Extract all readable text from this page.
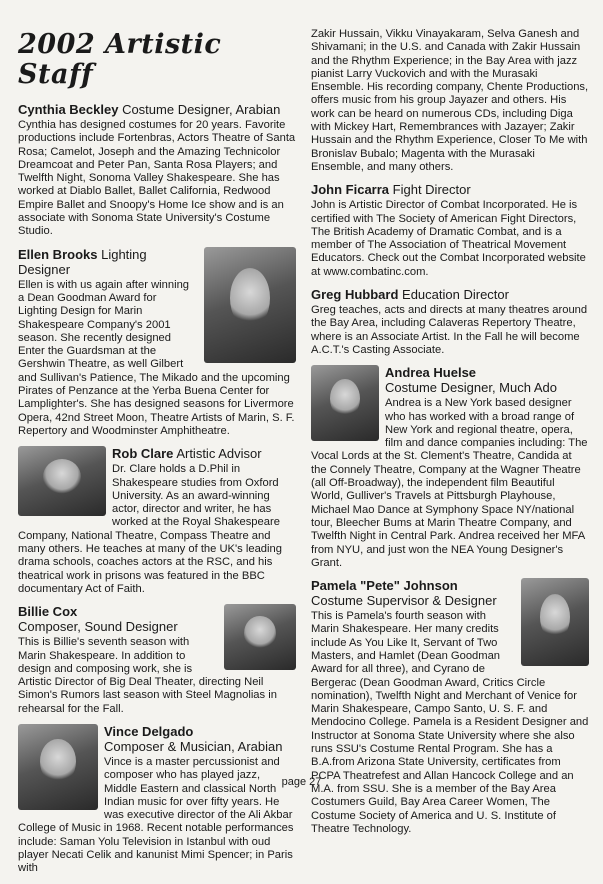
2002 Artistic Staff
Cynthia Beckley Costume Designer, Arabian

Cynthia has designed costumes for 20 years. Favorite productions include Fortenbras, Actors Theatre of Santa Rosa; Camelot, Joseph and the Amazing Technicolor Dreamcoat and Peter Pan, Santa Rosa Players; and Twelfth Night, Sonoma Valley Shakespeare. She has worked at Diablo Ballet, Ballet California, Redwood Empire Ballet and Snoopy's Home Ice show and is an associate with Sonoma State University's Costume Studio.

Ellen Brooks Lighting Designer

Ellen is with us again after winning a Dean Goodman Award for Lighting Design for Marin Shakespeare Company's 2001 season. She recently designed Enter the Guardsman at the Gershwin Theatre, as well Gilbert and Sullivan's Patience, The Mikado and the upcoming Pirates of Penzance at the Yerba Buena Center for Lamplighter's. She has designed seasons for Livermore Opera, 42nd Street Moon, Theatre Artists of Marin, S. F. Repertory and Woodminster Amphitheatre.

Rob Clare Artistic Advisor

Dr. Clare holds a D.Phil in Shakespeare studies from Oxford University. As an award-winning actor, director and writer, he has worked at the Royal Shakespeare Company, National Theatre, Compass Theatre and many others. He teaches at many of the UK's leading drama schools, coaches actors at the RSC, and his theatrical work in prisons was featured in the BBC documentary Act of Faith.

Billie Cox
Composer, Sound Designer

This is Billie's seventh season with Marin Shakespeare. In addition to design and composing work, she is Artistic Director of Big Deal Theater, directing Neil Simon's Rumors last season with Steel Magnolias in rehearsal for the Fall.

Vince Delgado
Composer & Musician, Arabian

Vince is a master percussionist and composer who has played jazz, Middle Eastern and classical North Indian music for over fifty years. He was executive director of the Ali Akbar College of Music in 1968. Recent notable performances include: Saman Yolu Television in Istanbul with oud player Necati Celik and kanunist Mimi Spencer; in Paris with

Zakir Hussain, Vikku Vinayakaram, Selva Ganesh and Shivamani; in the U.S. and Canada with Zakir Hussain and the Rhythm Experience; in the Bay Area with jazz pianist Larry Vuckovich and with the Murasaki Ensemble. His recording company, Chente Productions, offers music from his group Jayazer and others. His work can be heard on numerous CDs, including Diga with Mickey Hart, Remembrances with Jazayer; Zakir Hussain and the Rhythm Experience, Closer To Me with Bronislav Bubalo; Magenta with the Murasaki Ensemble, and many others.

John Ficarra Fight Director

John is Artistic Director of Combat Incorporated. He is certified with The Society of American Fight Directors, The British Academy of Dramatic Combat, and is a member of The Association of Theatrical Movement Educators. Check out the Combat Incorporated website at www.combatinc.com.

Greg Hubbard Education Director

Greg teaches, acts and directs at many theatres around the Bay Area, including Calaveras Repertory Theatre, where is an Associate Artist. In the Fall he will become A.C.T.'s Casting Associate.

Andrea Huelse
Costume Designer, Much Ado

Andrea is a New York based designer who has worked with a broad range of New York and regional theatre, opera, film and dance companies including: The Vocal Lords at the St. Clement's Theatre, Candida at the Connely Theatre, Company at the Wagner Theatre (all Off-Broadway), the independent film Beautiful World, Gulliver's Travels at Pittsburgh Playhouse, Michael Mao Dance at Symphony Space NY/national tour, Bleecher Bums at Marin Theatre Company, and Twelfth Night in Central Park. Andrea received her MFA from NYU, and just won the NEA Young Designer's Grant.

Pamela "Pete" Johnson
Costume Supervisor & Designer

This is Pamela's fourth season with Marin Shakespeare. Her many credits include As You Like It, Servant of Two Masters, and Hamlet (Dean Goodman Award for all three), and Cyrano de Bergerac (Dean Goodman Award, Critics Circle nomination), Twelfth Night and Merchant of Venice for Marin Shakespeare, Campo Santo, U. S. F. and Mendocino College. Pamela is a Resident Designer and Instructor at Sonoma State University where she also runs SSU's Costume Rental Program. She has a B.A.from Arizona State University, certificates from PCPA Theatrefest and Allan Hancock College and an M.A. from SSU. She is a member of the Bay Area Costumers Guild, Bay Area Career Women, The Costume Society of America and U. S. Institute of Theatre Technology.

page 27
